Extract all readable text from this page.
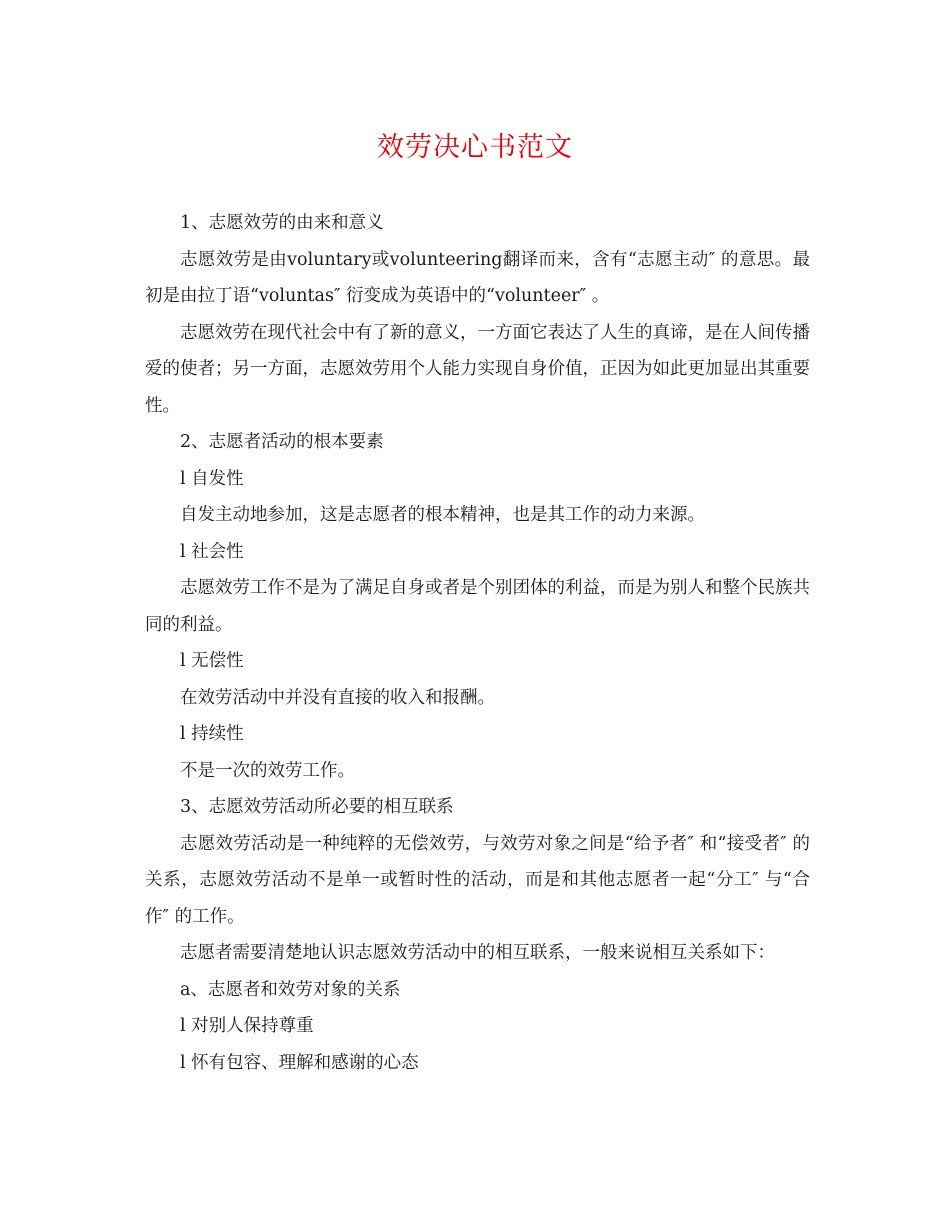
效劳决心书范文

1、志愿效劳的由来和意义

志愿效劳是由voluntary或volunteering翻译而来，含有“志愿主动″ 的意思。最初是由拉丁语“voluntas″ 衍变成为英语中的“volunteer″ 。

志愿效劳在现代社会中有了新的意义，一方面它表达了人生的真谛，是在人间传播爱的使者；另一方面，志愿效劳用个人能力实现自身价值，正因为如此更加显出其重要性。

2、志愿者活动的根本要素

l 自发性

自发主动地参加，这是志愿者的根本精神，也是其工作的动力来源。

l 社会性

志愿效劳工作不是为了满足自身或者是个别团体的利益，而是为别人和整个民族共同的利益。

l 无偿性

在效劳活动中并没有直接的收入和报酬。

l 持续性

不是一次的效劳工作。

3、志愿效劳活动所必要的相互联系

志愿效劳活动是一种纯粹的无偿效劳，与效劳对象之间是“给予者″ 和“接受者″ 的关系，志愿效劳活动不是单一或暂时性的活动，而是和其他志愿者一起“分工″ 与“合作″ 的工作。

志愿者需要清楚地认识志愿效劳活动中的相互联系，一般来说相互关系如下：

a、志愿者和效劳对象的关系

l 对别人保持尊重

l 怀有包容、理解和感谢的心态
